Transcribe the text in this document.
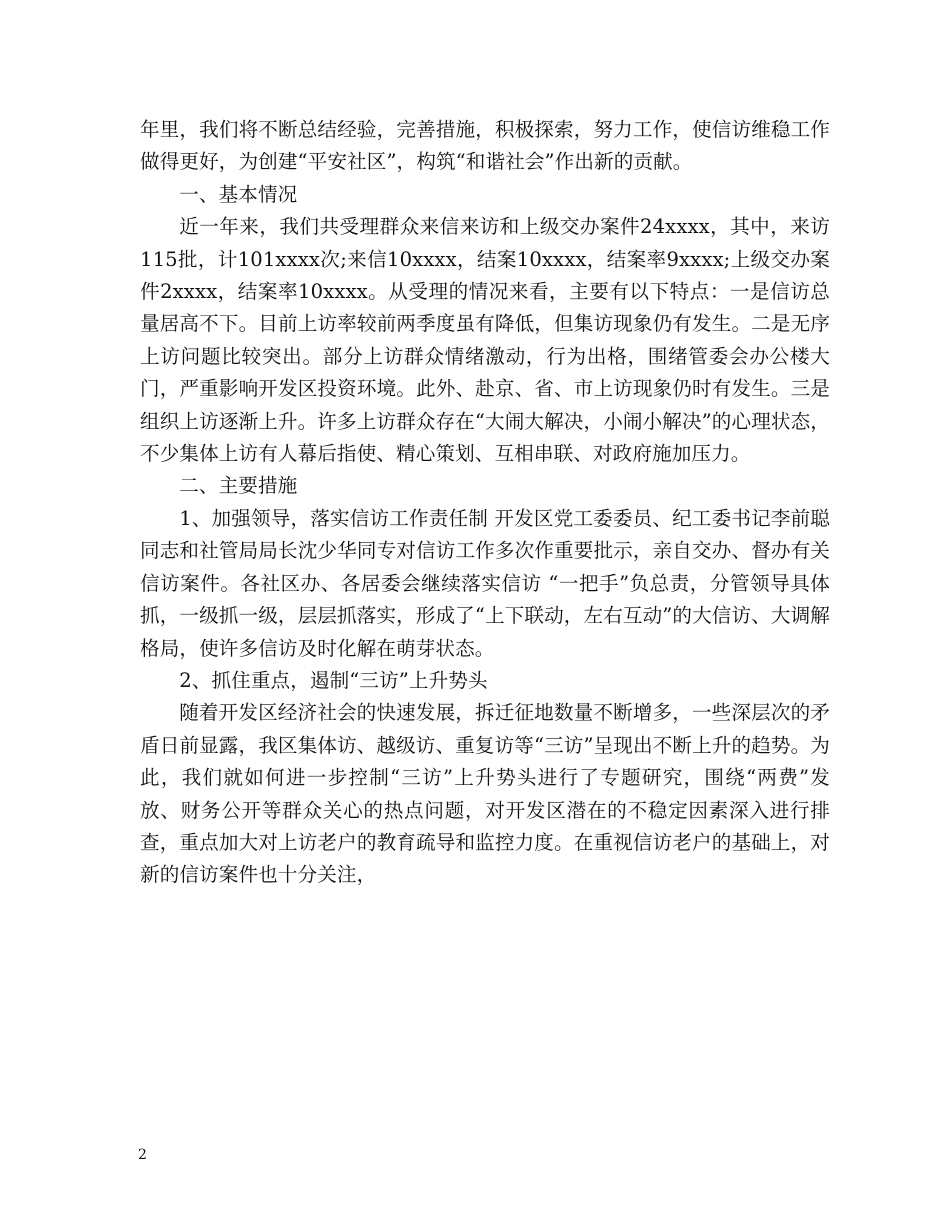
年里，我们将不断总结经验，完善措施，积极探索，努力工作，使信访维稳工作做得更好，为创建“平安社区”，构筑“和谐社会”作出新的贡献。

一、基本情况

近一年来，我们共受理群众来信来访和上级交办案件24xxxx，其中，来访115批，计101xxxx次;来信10xxxx，结案10xxxx，结案率9xxxx;上级交办案件2xxxx，结案率10xxxx。从受理的情况来看，主要有以下特点：一是信访总量居高不下。目前上访率较前两季度虽有降低，但集访现象仍有发生。二是无序上访问题比较突出。部分上访群众情绪激动，行为出格，围绪管委会办公楼大门，严重影响开发区投资环境。此外、赴京、省、市上访现象仍时有发生。三是组织上访逐渐上升。许多上访群众存在“大闹大解决，小闹小解决”的心理状态，不少集体上访有人幕后指使、精心策划、互相串联、对政府施加压力。

二、主要措施

1、加强领导，落实信访工作责任制 开发区党工委委员、纪工委书记李前聪同志和社管局局长沈少华同专对信访工作多次作重要批示，亲自交办、督办有关信访案件。各社区办、各居委会继续落实信访 “一把手”负总责，分管领导具体抓，一级抓一级，层层抓落实，形成了“上下联动，左右互动”的大信访、大调解格局，使许多信访及时化解在萌芽状态。

2、抓住重点，遏制“三访”上升势头

随着开发区经济社会的快速发展，拆迁征地数量不断增多，一些深层次的矛盾日前显露，我区集体访、越级访、重复访等“三访”呈现出不断上升的趋势。为此，我们就如何进一步控制“三访”上升势头进行了专题研究，围绕“两费”发放、财务公开等群众关心的热点问题，对开发区潜在的不稳定因素深入进行排查，重点加大对上访老户的教育疏导和监控力度。在重视信访老户的基础上，对新的信访案件也十分关注，

2
